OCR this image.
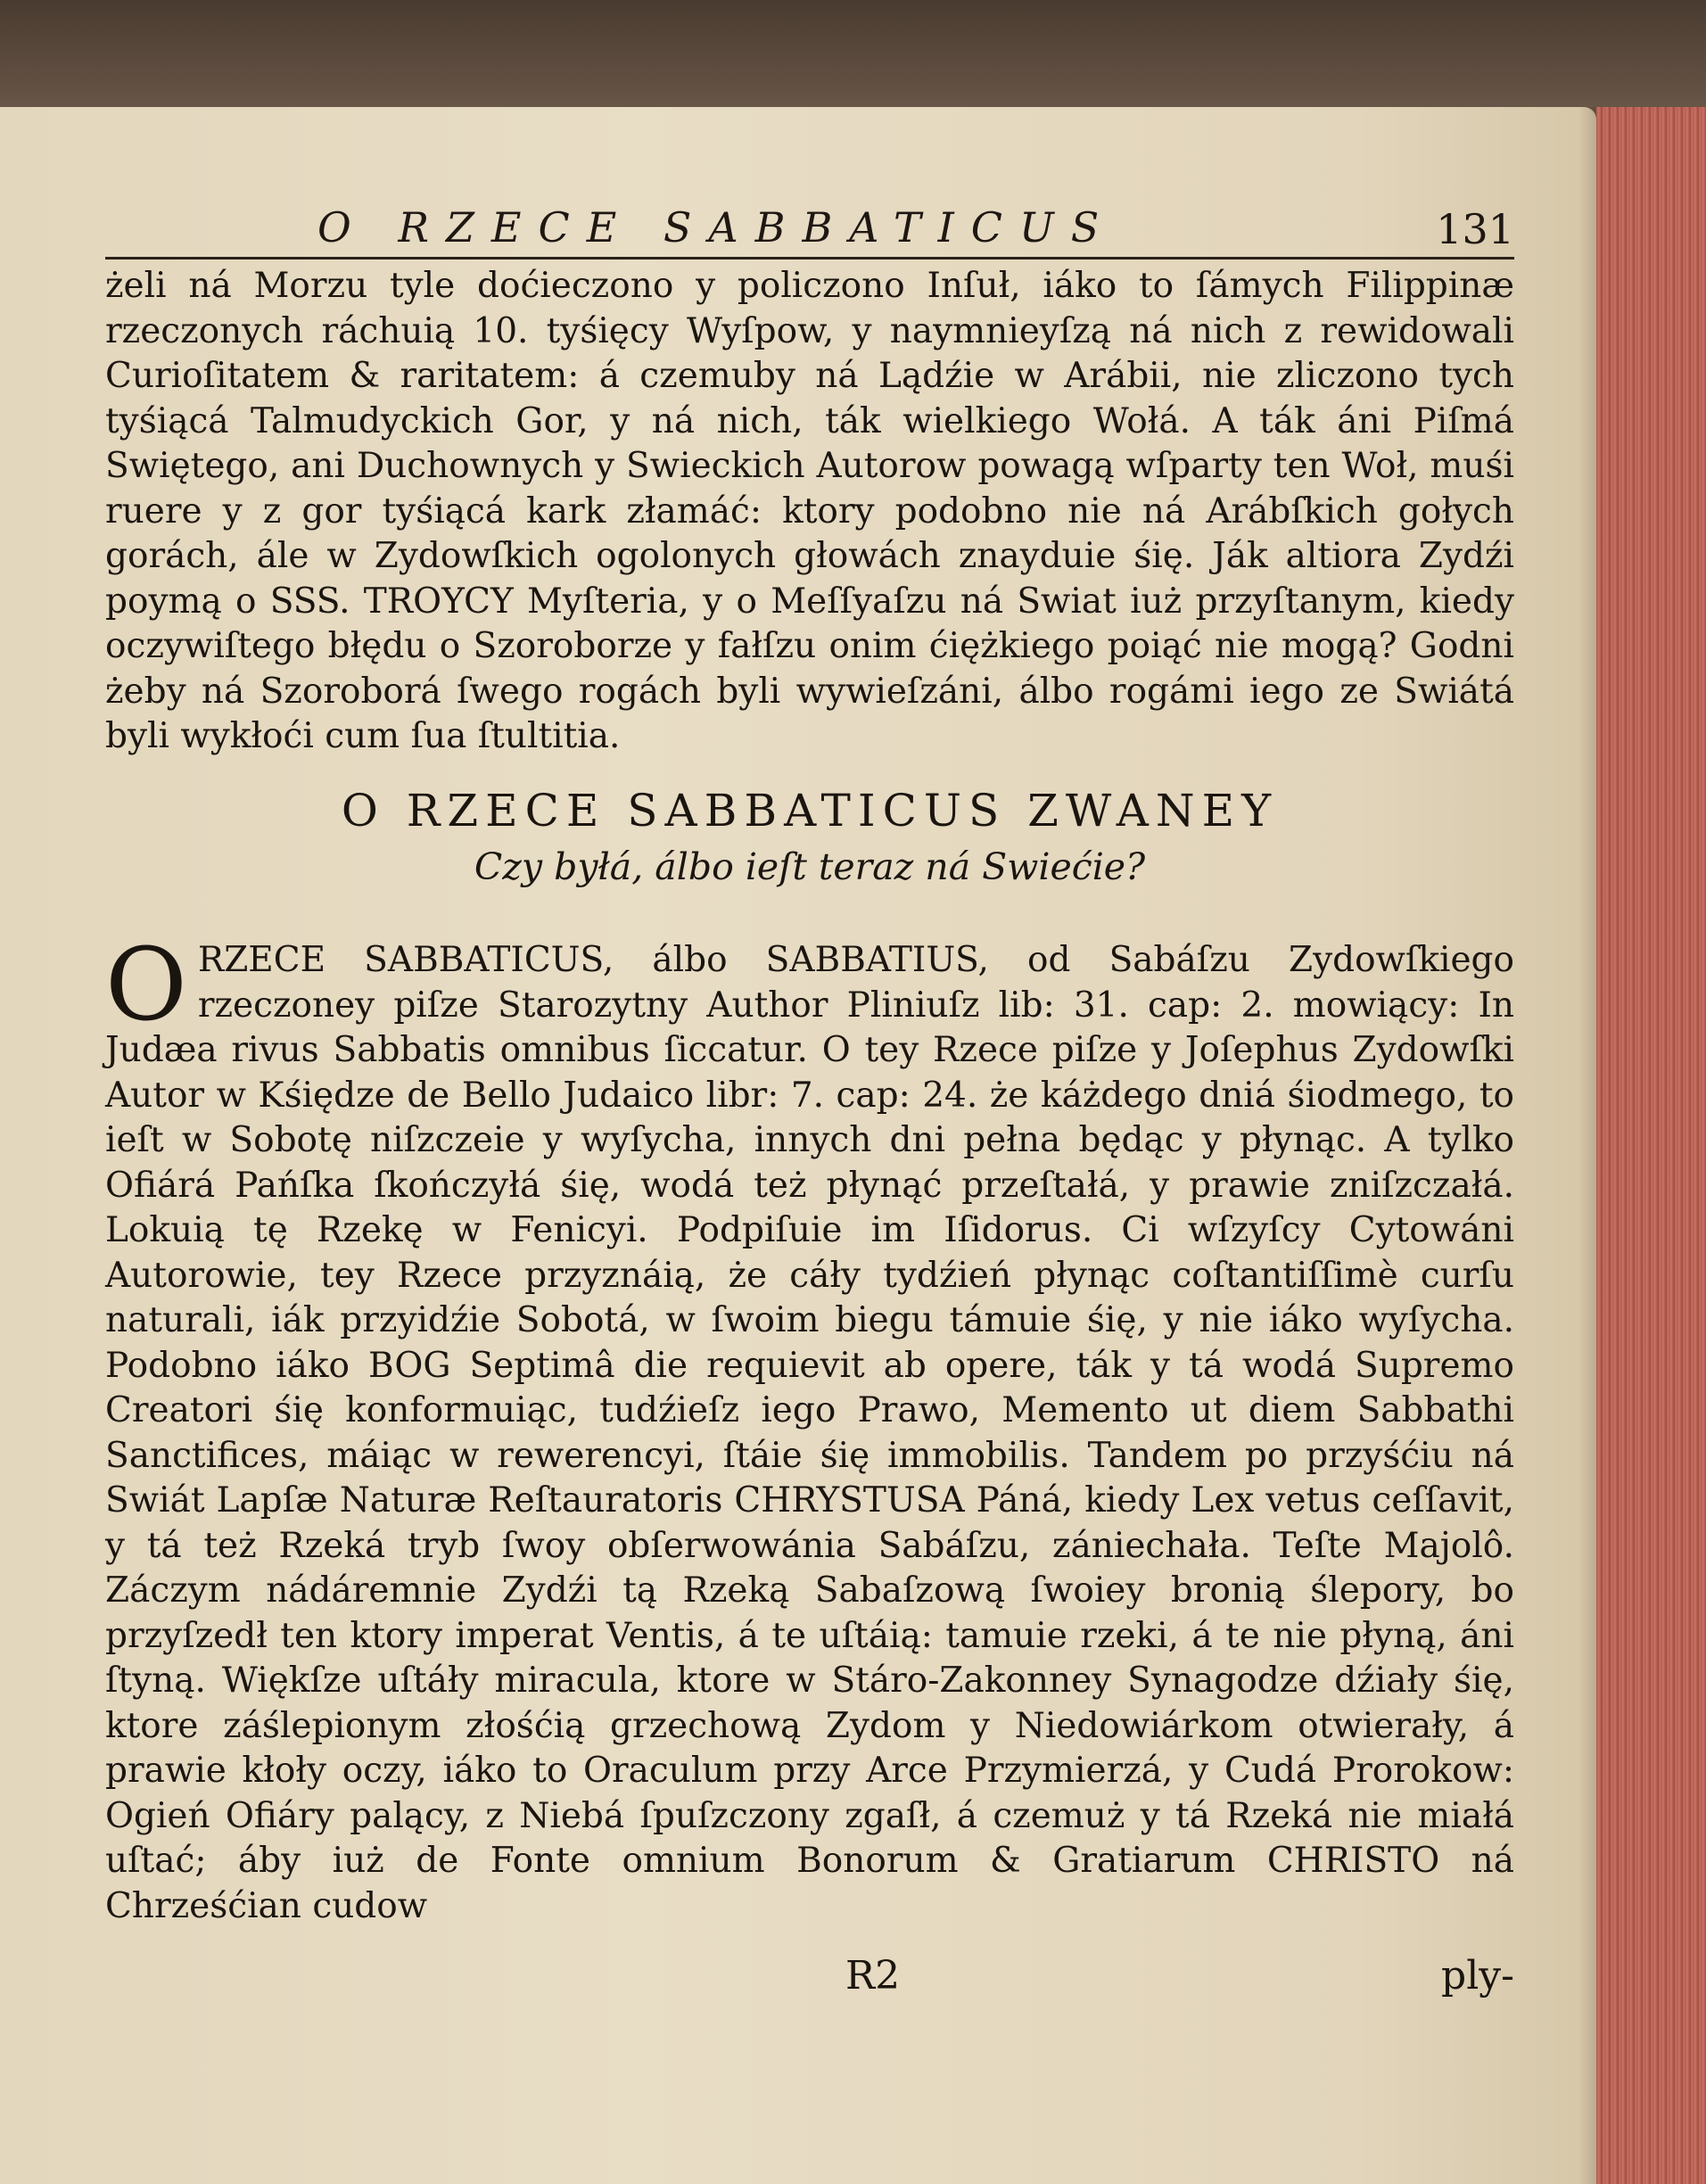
O RZECE SABBATICUS	131

żeli ná Morzu tyle doćieczono y policzono Inſuł, iáko to ſámych Filippinæ rzeczonych ráchuią 10. tyśięcy Wyſpow, y naymnieyſzą ná nich z rewidowali Curioſitatem & raritatem: á czemuby ná Lądźie w Arábii, nie zliczono tych tyśiącá Talmudyckich Gor, y ná nich, ták wielkiego Wołá. A ták áni Piſmá Swiętego, ani Duchownych y Swieckich Autorow powagą wſparty ten Woł, muśi ruere y z gor tyśiącá kark złamáć: ktory podobno nie ná Arábſkich gołych gorách, ále w Zydowſkich ogolonych głowách znayduie śię. Ják altiora Zydźi poymą o SSS. TROYCY Myſteria, y o Meſſyaſzu ná Swiat iuż przyſtanym, kiedy oczywiſtego błędu o Szoroborze y fałſzu onim ćiężkiego poiąć nie mogą? Godni żeby ná Szoroborá ſwego rogách byli wywieſzáni, álbo rogámi iego ze Swiátá byli wykłoći cum ſua ſtultitia.

O RZECE SABBATICUS ZWANEY
Czy byłá, álbo ieſt teraz ná Swiećie?
O RZECE SABBATICUS, álbo SABBATIUS, od Sabáſzu Zydowſkiego rzeczoney piſze Starozytny Author Pliniuſz lib: 31. cap: 2. mowiący: In Judæa rivus Sabbatis omnibus ſiccatur. O tey Rzece piſze y Joſephus Zydowſki Autor w Kśiędze de Bello Judaico libr: 7. cap: 24. że káżdego dniá śiodmego, to ieſt w Sobotę niſzczeie y wyſycha, innych dni pełna będąc y płynąc. A tylko Ofiárá Pańſka ſkończyłá śię, wodá też płynąć przeſtałá, y prawie zniſzczałá. Lokuią tę Rzekę w Fenicyi. Podpiſuie im Iſidorus. Ci wſzyſcy Cytowáni Autorowie, tey Rzece przyznáią, że cáły tydźień płynąc coſtantiſſimè curſu naturali, iák przyidźie Sobotá, w ſwoim biegu támuie śię, y nie iáko wyſycha. Podobno iáko BOG Septimâ die requievit ab opere, ták y tá wodá Supremo Creatori śię konformuiąc, tudźieſz iego Prawo, Memento ut diem Sabbathi Sanctifices, máiąc w rewerencyi, ſtáie śię immobilis. Tandem po przyśćiu ná Swiát Lapſæ Naturæ Reſtauratoris CHRYSTUSA Páná, kiedy Lex vetus ceſſavit, y tá też Rzeká tryb ſwoy obſerwowánia Sabáſzu, zániechała. Teſte Majolô. Záczym nádáremnie Zydźi tą Rzeką Sabaſzową ſwoiey bronią ślepory, bo przyſzedł ten ktory imperat Ventis, á te uſtáią: tamuie rzeki, á te nie płyną, áni ſtyną. Więkſze uſtáły miracula, ktore w Stáro-Zakonney Synagodze dźiały śię, ktore záślepionym złośćią grzechową Zydom y Niedowiárkom otwierały, á prawie kłoły oczy, iáko to Oraculum przy Arce Przymierzá, y Cudá Prorokow: Ogień Ofiáry palący, z Niebá ſpuſzczony zgaſł, á czemuż y tá Rzeká nie miałá uſtać; áby iuż de Fonte omnium Bonorum & Gratiarum CHRISTO ná Chrześćian cudow

R2	ply-
